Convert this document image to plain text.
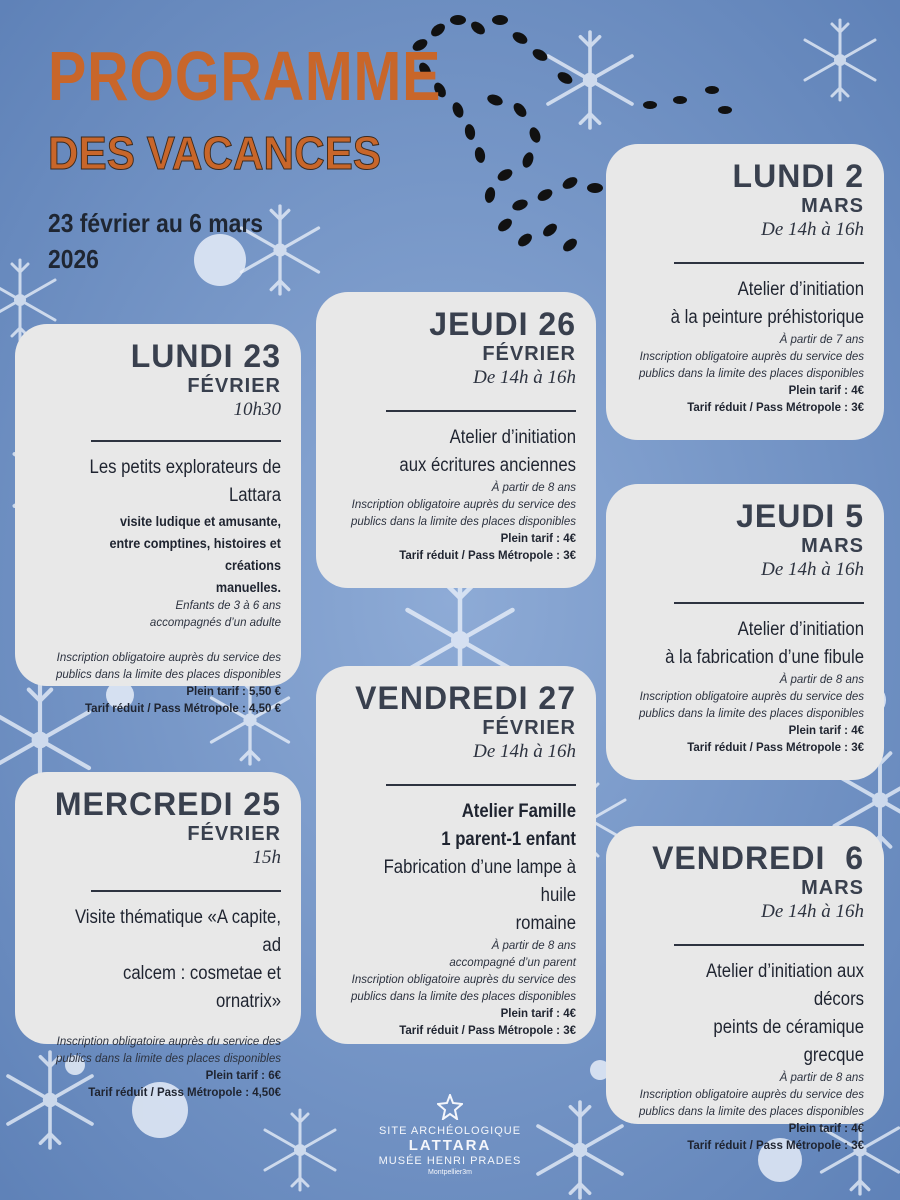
PROGRAMME
DES VACANCES
23 février au 6 mars
2026
LUNDI 23
FÉVRIER
10h30
Les petits explorateurs de Lattara
visite ludique et amusante,
entre comptines, histoires et créations
manuelles.
Enfants de 3 à 6 ans
accompagnés d’un adulte
Inscription obligatoire auprès du service des publics dans la limite des places disponibles
Plein tarif : 5,50 €
Tarif réduit / Pass Métropole : 4,50 €
MERCREDI 25
FÉVRIER
15h
Visite thématique «A capite, ad
calcem : cosmetae et ornatrix»
Inscription obligatoire auprès du service des publics dans la limite des places disponibles
Plein tarif : 6€
Tarif réduit / Pass Métropole : 4,50€
JEUDI 26
FÉVRIER
De 14h à 16h
Atelier d’initiation
aux écritures anciennes
À partir de 8 ans
Inscription obligatoire auprès du service des publics dans la limite des places disponibles
Plein tarif : 4€
Tarif réduit / Pass Métropole : 3€
VENDREDI 27
FÉVRIER
De 14h à 16h
Atelier Famille
1 parent-1 enfant
Fabrication d’une lampe à huile
romaine
À partir de 8 ans
accompagné d’un parent
Inscription obligatoire auprès du service des publics dans la limite des places disponibles
Plein tarif : 4€
Tarif réduit / Pass Métropole : 3€
LUNDI 2
MARS
De 14h à 16h
Atelier d’initiation
à la peinture préhistorique
À partir de 7 ans
Inscription obligatoire auprès du service des publics dans la limite des places disponibles
Plein tarif : 4€
Tarif réduit / Pass Métropole : 3€
JEUDI 5
MARS
De 14h à 16h
Atelier d’initiation
à la fabrication d’une fibule
À partir de 8 ans
Inscription obligatoire auprès du service des publics dans la limite des places disponibles
Plein tarif : 4€
Tarif réduit / Pass Métropole : 3€
VENDREDI  6
MARS
De 14h à 16h
Atelier d’initiation aux décors
peints de céramique grecque
À partir de 8 ans
Inscription obligatoire auprès du service des publics dans la limite des places disponibles
Plein tarif : 4€
Tarif réduit / Pass Métropole : 3€
SITE ARCHÉOLOGIQUE
LATTARA
MUSÉE HENRI PRADES
Montpellier3m
